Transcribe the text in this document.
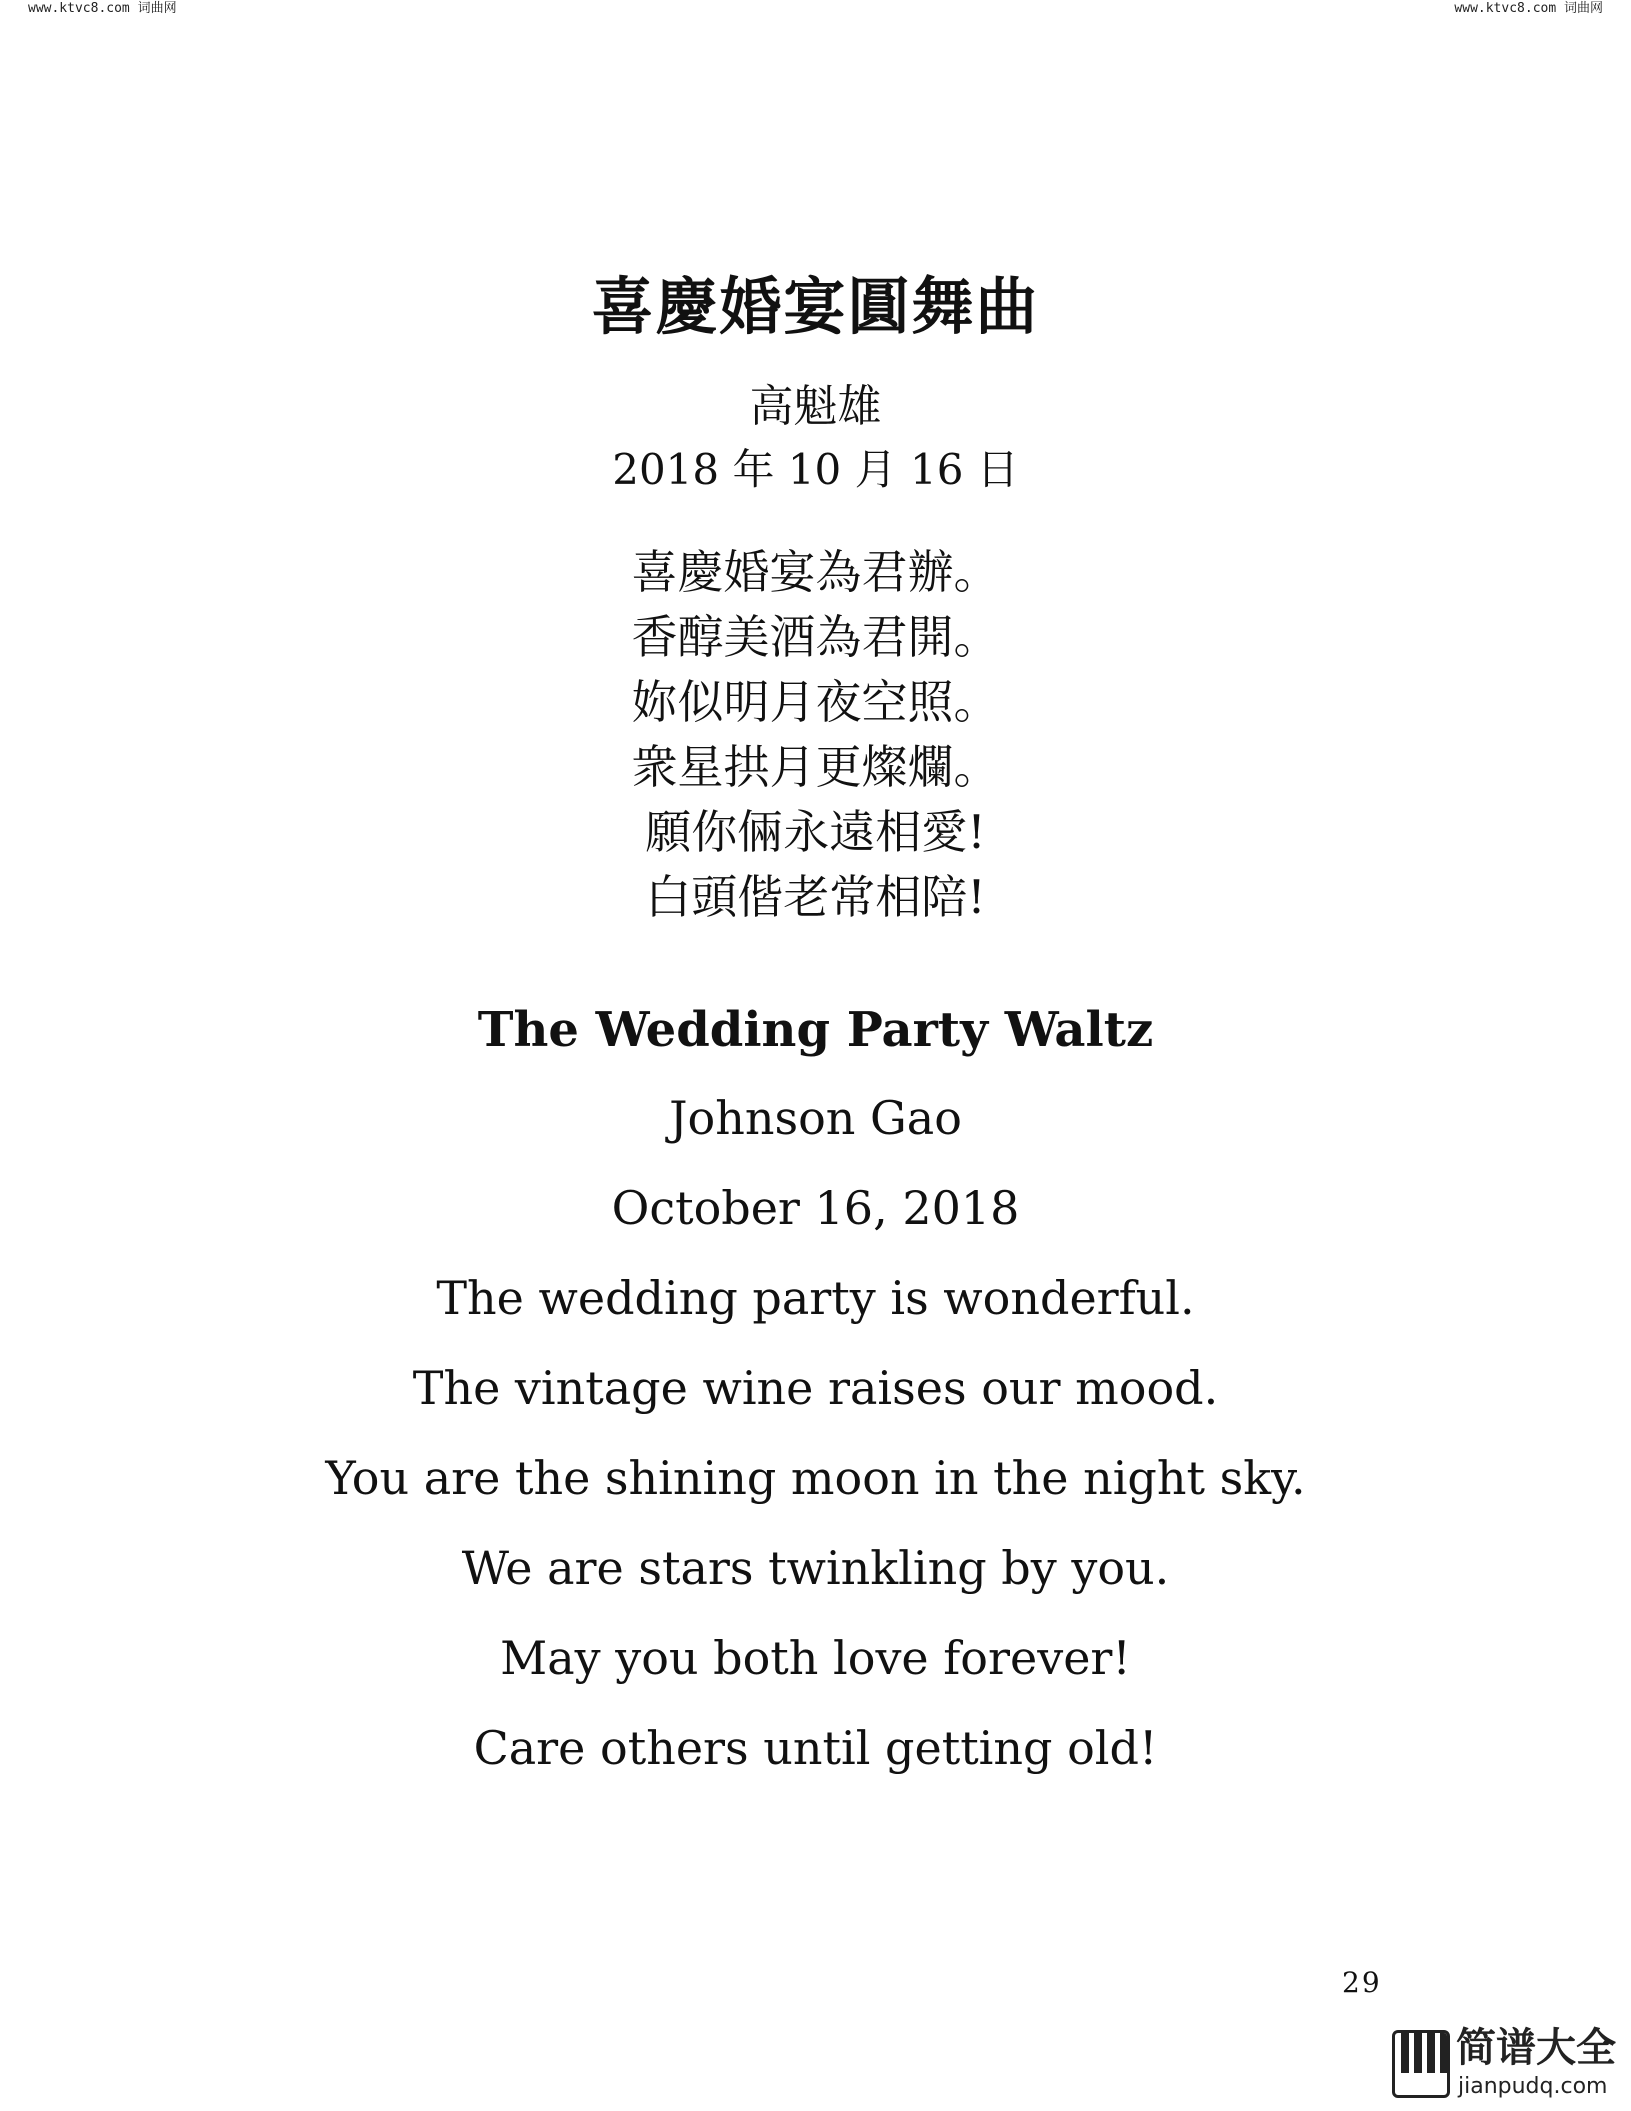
www.ktvc8.com 词曲网	www.ktvc8.com 词曲网
喜慶婚宴圓舞曲
高魁雄
2018 年 10 月 16 日
喜慶婚宴為君辦。
香醇美酒為君開。
妳似明月夜空照。
衆星拱月更燦爛。
願你倆永遠相愛!
白頭偕老常相陪!
The Wedding Party Waltz
Johnson Gao
October 16, 2018
The wedding party is wonderful.
The vintage wine raises our mood.
You are the shining moon in the night sky.
We are stars twinkling by you.
May you both love forever!
Care others until getting old!
29
简谱大全
jianpudq.com
